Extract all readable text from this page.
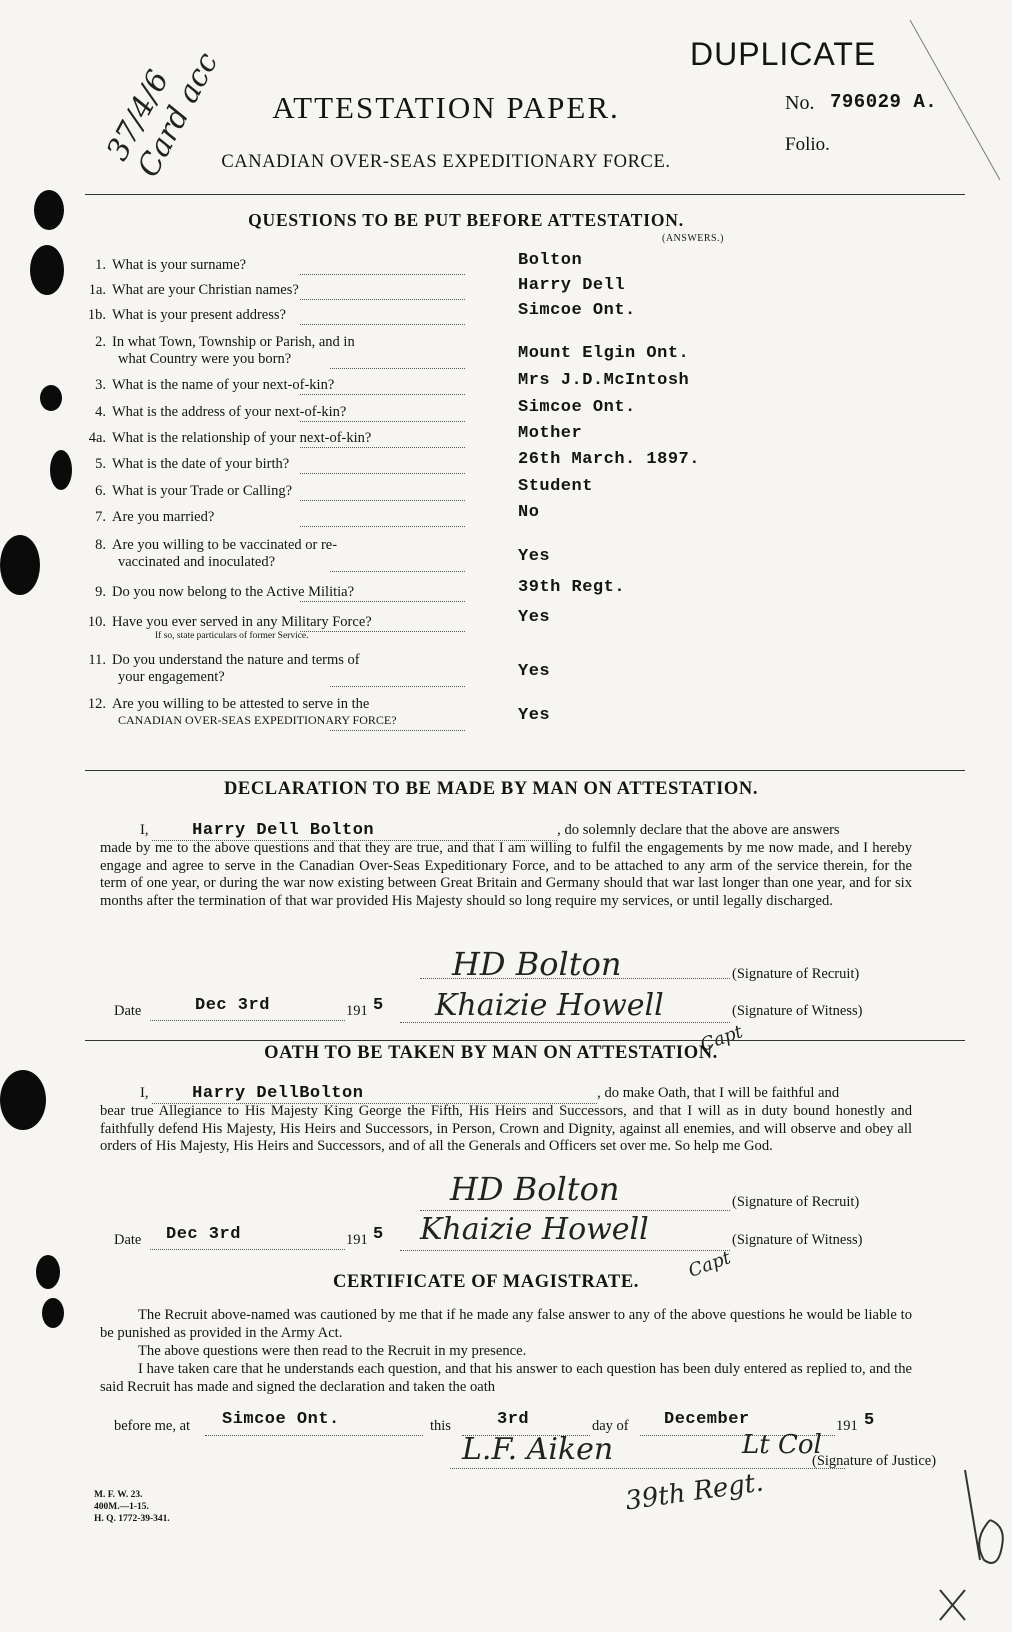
37/4/6 Card acc	DUPLICATE
No. 796029 A.
Folio.
ATTESTATION PAPER.
CANADIAN OVER-SEAS EXPEDITIONARY FORCE.
QUESTIONS TO BE PUT BEFORE ATTESTATION.
(ANSWERS.)
1. What is your surname?	Bolton
1a. What are your Christian names?	Harry Dell
1b. What is your present address?	Simcoe Ont.
2. In what Town, Township or Parish, and in
what Country were you born?	Mount Elgin Ont.
3. What is the name of your next-of-kin?	Mrs J.D.McIntosh
4. What is the address of your next-of-kin?	Simcoe Ont.
4a. What is the relationship of your next-of-kin?	Mother
5. What is the date of your birth?	26th March. 1897.
6. What is your Trade or Calling?	Student
7. Are you married?	No
8. Are you willing to be vaccinated or re-
vaccinated and inoculated?	Yes
9. Do you now belong to the Active Militia?	39th Regt.
10. Have you ever served in any Military Force?
If so, state particulars of former Service.
Yes
11. Do you understand the nature and terms of
your engagement?	Yes
12. Are you willing to be attested to serve in the
CANADIAN OVER-SEAS EXPEDITIONARY FORCE?	Yes
DECLARATION TO BE MADE BY MAN ON ATTESTATION.
I,	Harry Dell Bolton	, do solemnly declare that the above are answers
made by me to the above questions and that they are true, and that I am willing to fulfil the engagements by me now made, and I hereby engage and agree to serve in the Canadian Over-Seas Expeditionary Force, and to be attached to any arm of the service therein, for the term of one year, or during the war now existing between Great Britain and Germany should that war last longer than one year, and for six months after the termination of that war provided His Majesty should so long require my services, or until legally discharged.
HD Bolton	(Signature of Recruit)
Date	Dec 3rd	191 5 Khaizie Howell	(Signature of Witness)
Capt
OATH TO BE TAKEN BY MAN ON ATTESTATION.
I,	Harry DellBolton	, do make Oath, that I will be faithful and
bear true Allegiance to His Majesty King George the Fifth, His Heirs and Successors, and that I will as in duty bound honestly and faithfully defend His Majesty, His Heirs and Successors, in Person, Crown and Dignity, against all enemies, and will observe and obey all orders of His Majesty, His Heirs and Successors, and of all the Generals and Officers set over me. So help me God.
HD Bolton	(Signature of Recruit)
Date Dec 3rd	191 5 Khaizie Howell	(Signature of Witness)
Capt
CERTIFICATE OF MAGISTRATE.
The Recruit above-named was cautioned by me that if he made any false answer to any of the above questions he would be liable to be punished as provided in the Army Act.
The above questions were then read to the Recruit in my presence.
I have taken care that he understands each question, and that his answer to each question has been duly entered as replied to, and the said Recruit has made and signed the declaration and taken the oath
before me, at Simcoe Ont.	this	3rd	day of December	191 5
L.F. Aiken	Lt Col
(Signature of Justice)
39th Regt.
M. F. W. 23.
400M.—1-15.
H. Q. 1772-39-341.
